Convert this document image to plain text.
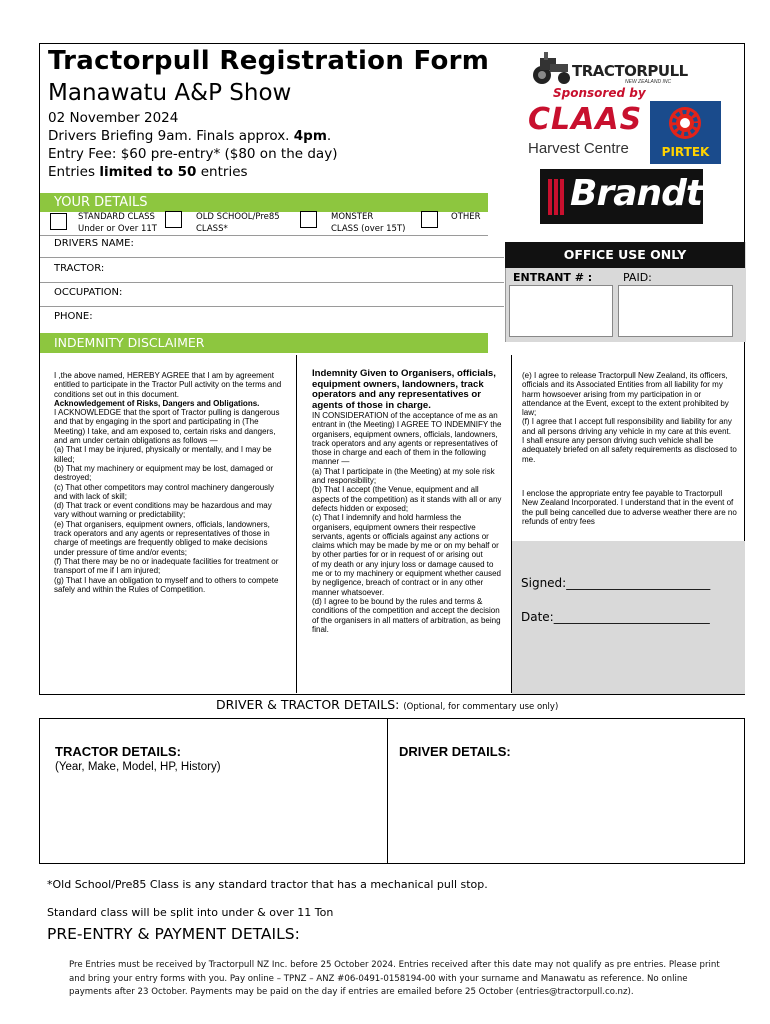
Tractorpull Registration Form
Manawatu A&P Show
02 November 2024
Drivers Briefing 9am. Finals approx. 4pm.
Entry Fee: $60 pre-entry* ($80 on the day)
Entries limited to 50 entries
TRACTORPULL
NEW ZEALAND INC
Sponsored by
CLAAS
Harvest Centre	PIRTEK
Brandt
YOUR DETAILS
STANDARD CLASS
Under or Over 11T
OLD SCHOOL/Pre85
CLASS*
MONSTER
CLASS (over 15T)
OTHER
DRIVERS NAME:
TRACTOR:
OCCUPATION:
PHONE:
OFFICE USE ONLY
ENTRANT # :	PAID:
INDEMNITY DISCLAIMER
I ,the above named, HEREBY AGREE that I am by agreement entitled to participate in the Tractor Pull activity on the terms and conditions set out in this document.
Acknowledgement of Risks, Dangers and Obligations.
I ACKNOWLEDGE that the sport of Tractor pulling is dangerous and that by engaging in the sport and participating in (The Meeting) I take, and am exposed to, certain risks and dangers, and am under certain obligations as follows —
(a) That I may be injured, physically or mentally, and I may be killed;
(b) That my machinery or equipment may be lost, damaged or destroyed;
(c) That other competitors may control machinery dangerously and with lack of skill;
(d) That track or event conditions may be hazardous and may vary without warning or predictability;
(e) That organisers, equipment owners, officials, landowners, track operators and any agents or representatives of those in charge of meetings are frequently obliged to make decisions under pressure of time and/or events;
(f) That there may be no or inadequate facilities for treatment or transport of me if I am injured;
(g) That I have an obligation to myself and to others to compete safely and within the Rules of Competition.
Indemnity Given to Organisers, officials, equipment owners, landowners, track operators and any representatives or agents of those in charge.
IN CONSIDERATION of the acceptance of me as an entrant in (the Meeting) I AGREE TO INDEMNIFY the organisers, equipment owners, officials, landowners, track operators and any agents or representatives of those in charge and each of them in the following manner —
(a) That I participate in (the Meeting) at my sole risk and responsibility;
(b) That I accept (the Venue, equipment and all aspects of the competition) as it stands with all or any defects hidden or exposed;
(c) That I indemnify and hold harmless the organisers, equipment owners their respective servants, agents or officials against any actions or claims which may be made by me or on my behalf or by other parties for or in request of or arising out
of my death or any injury loss or damage caused to me or to my machinery or equipment whether caused by negligence, breach of contract or in any other manner whatsoever.
(d) I agree to be bound by the rules and terms & conditions of the competition and accept the decision of the organisers in all matters of arbitration, as being final.
(e) I agree to release Tractorpull New Zealand, its officers, officials and its Associated Entities from all liability for my harm howsoever arising from my participation in or attendance at the Event, except to the extent prohibited by law;
(f) I agree that I accept full responsibility and liability for any and all persons driving any vehicle in my care at this event.  I shall ensure any person driving such vehicle shall be adequately briefed on all safety requirements as disclosed to me.
I enclose the appropriate entry fee payable to Tractorpull New Zealand Incorporated. I understand that in the event of the pull being cancelled due to adverse weather there are no refunds of entry fees
Signed:________________________
Date:__________________________
DRIVER & TRACTOR DETAILS: (Optional, for commentary use only)
TRACTOR DETAILS:
(Year, Make, Model, HP, History)
DRIVER DETAILS:
*Old School/Pre85 Class is any standard tractor that has a mechanical pull stop.
Standard class will be split into under & over 11 Ton
PRE-ENTRY & PAYMENT DETAILS:
Pre Entries must be received by Tractorpull NZ Inc. before 25 October 2024. Entries received after this date may not qualify as pre entries. Please print and bring your entry forms with you. Pay online – TPNZ – ANZ #06-0491-0158194-00 with your surname and Manawatu as reference. No online payments after 23 October. Payments may be paid on the day if entries are emailed before 25 October (entries@tractorpull.co.nz).
